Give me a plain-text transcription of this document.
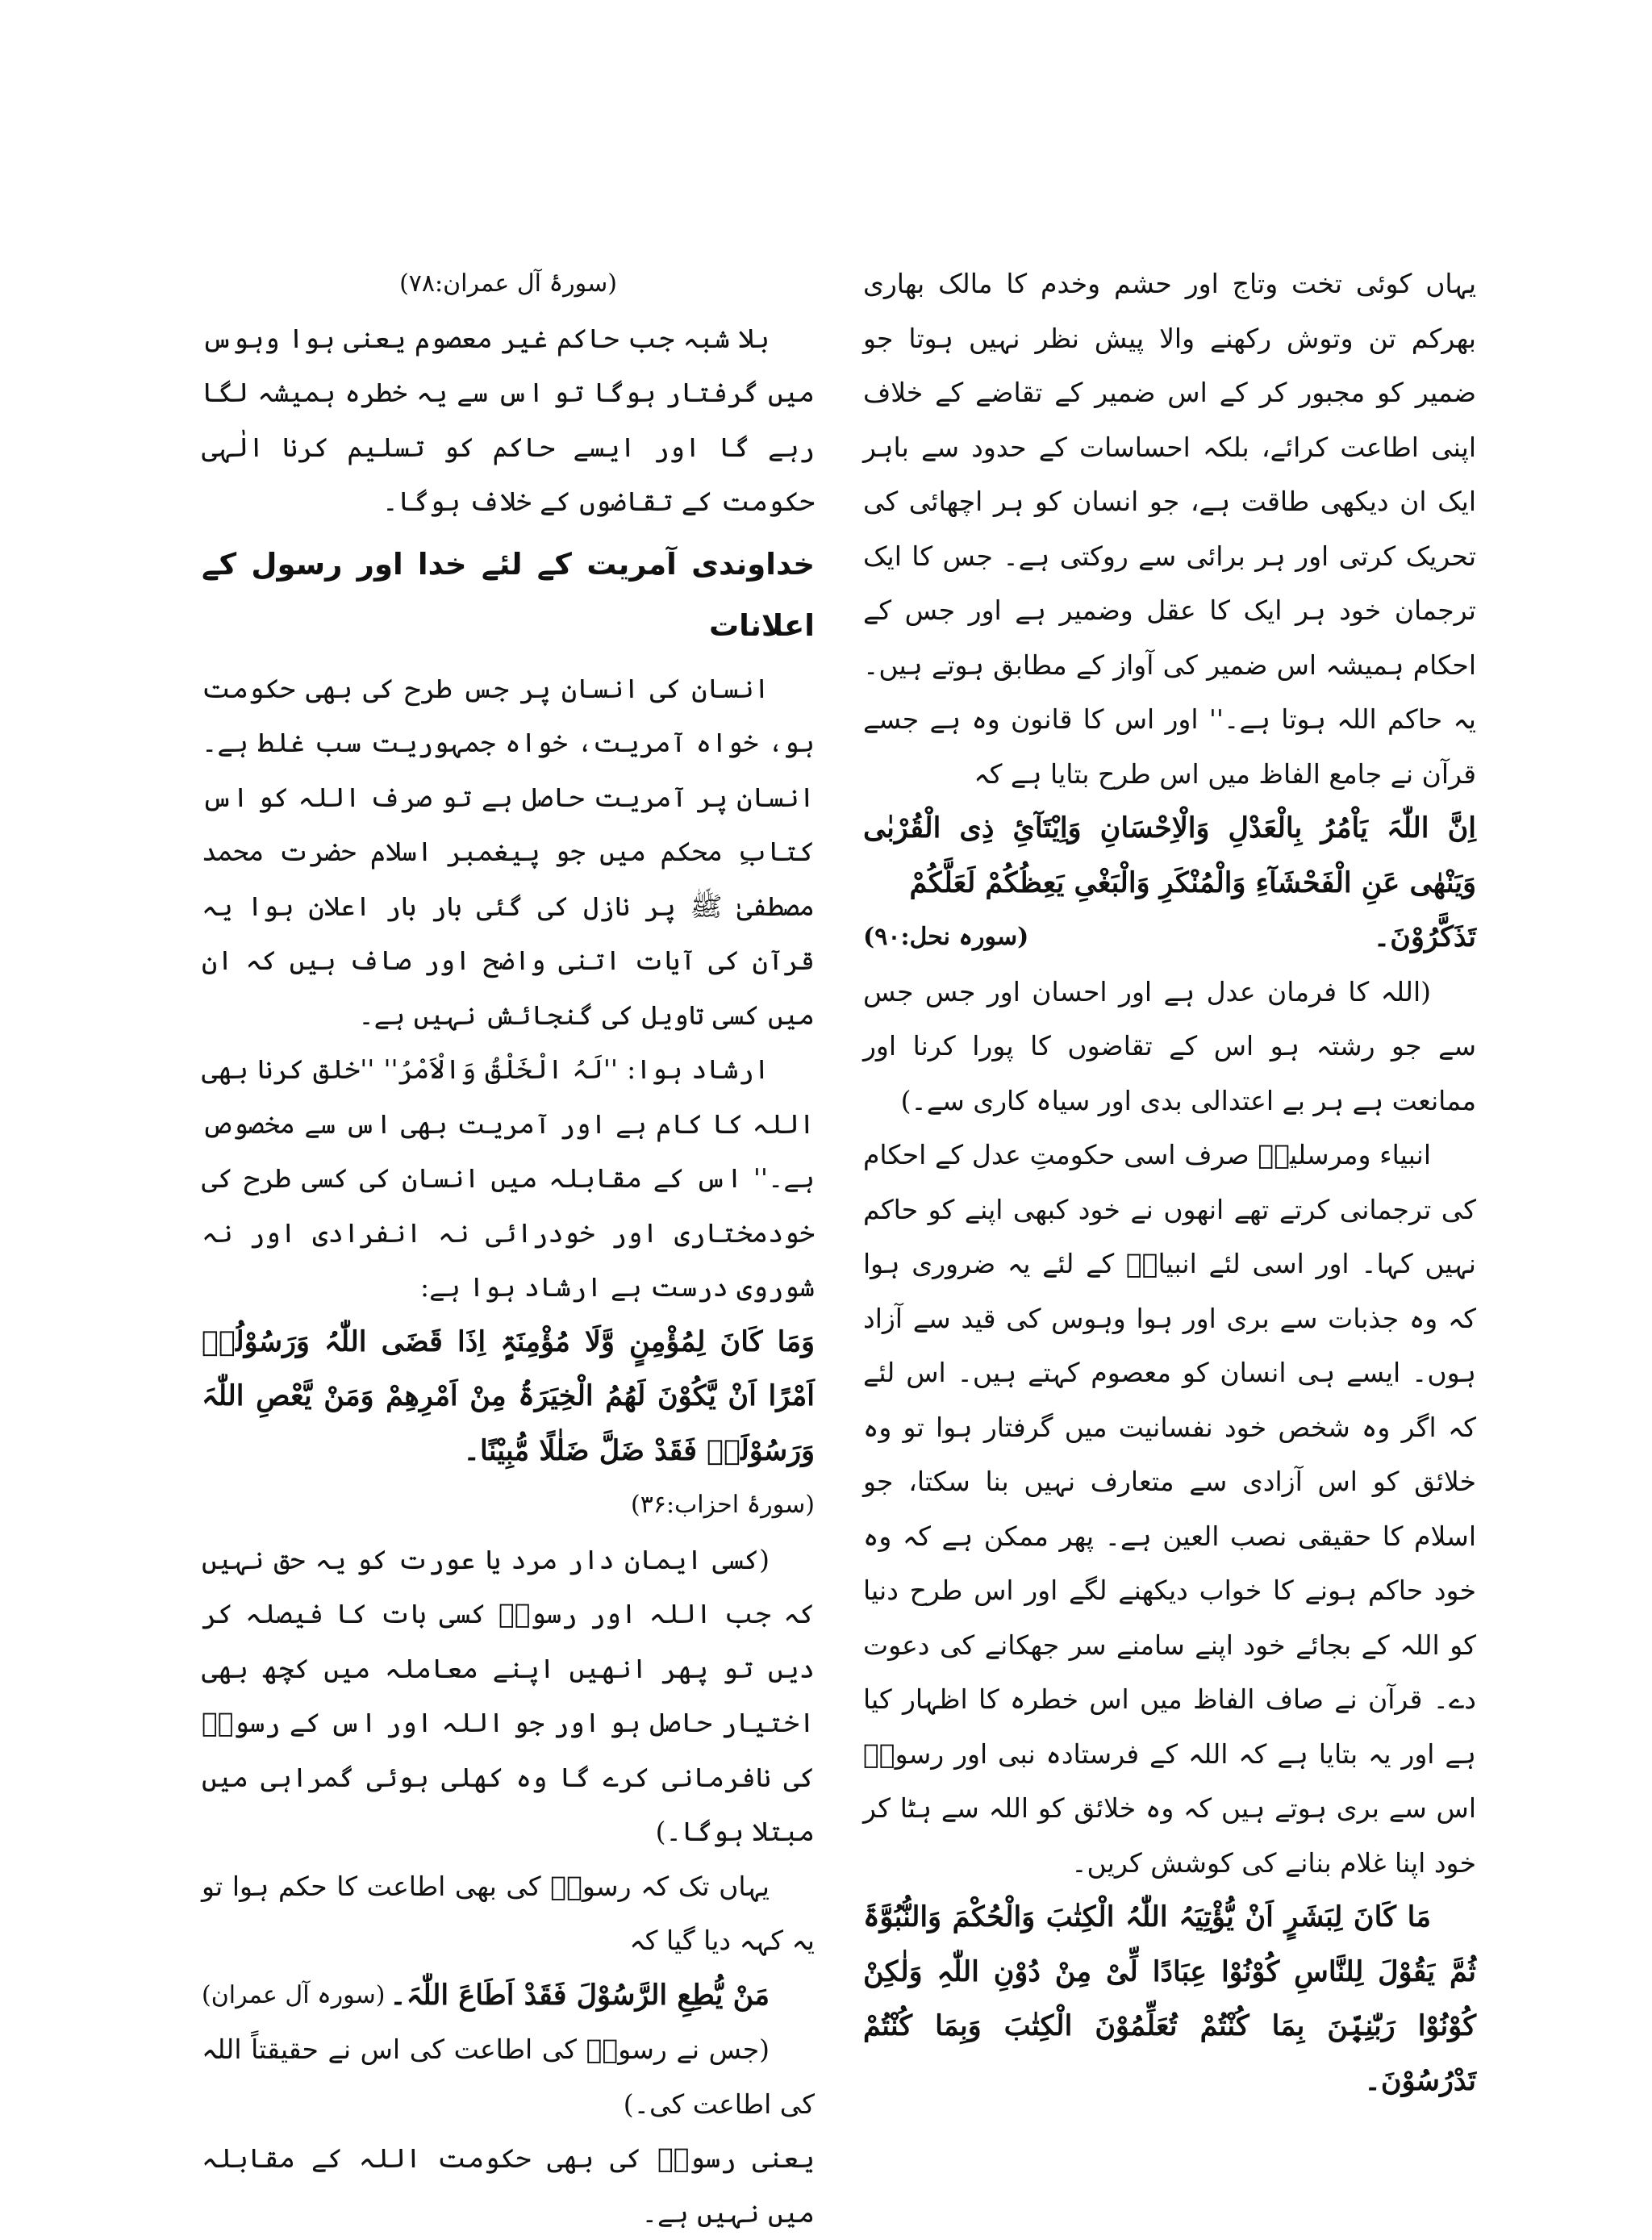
یہاں کوئی تخت وتاج اور حشم وخدم کا مالک بھاری بھرکم تن وتوش رکھنے والا پیش نظر نہیں ہوتا جو ضمیر کو مجبور کر کے اس ضمیر کے تقاضے کے خلاف اپنی اطاعت کرائے، بلکہ احساسات کے حدود سے باہر ایک ان دیکھی طاقت ہے، جو انسان کو ہر اچھائی کی تحریک کرتی اور ہر برائی سے روکتی ہے۔ جس کا ایک ترجمان خود ہر ایک کا عقل وضمیر ہے اور جس کے احکام ہمیشہ اس ضمیر کی آواز کے مطابق ہوتے ہیں۔ یہ حاکم اللہ ہوتا ہے۔'' اور اس کا قانون وہ ہے جسے قرآن نے جامع الفاظ میں اس طرح بتایا ہے کہ

اِنَّ اللّٰہَ یَاْمُرُ بِالْعَدْلِ وَالْاِحْسَانِ وَاِیْتَآیِٔ ذِی الْقُرْبٰی وَیَنْھٰی عَنِ الْفَحْشَآءِ وَالْمُنْکَرِ وَالْبَغْیِ یَعِظُکُمْ لَعَلَّکُمْ

تَذَکَّرُوْنَ۔
(سورہ نحل:۹۰)

(اللہ کا فرمان عدل ہے اور احسان اور جس جس سے جو رشتہ ہو اس کے تقاضوں کا پورا کرنا اور ممانعت ہے ہر بے اعتدالی بدی اور سیاہ کاری سے۔)

انبیاء ومرسلینؑ صرف اسی حکومتِ عدل کے احکام کی ترجمانی کرتے تھے انھوں نے خود کبھی اپنے کو حاکم نہیں کہا۔ اور اسی لئے انبیاءؑ کے لئے یہ ضروری ہوا کہ وہ جذبات سے بری اور ہوا وہوس کی قید سے آزاد ہوں۔ ایسے ہی انسان کو معصوم کہتے ہیں۔ اس لئے کہ اگر وہ شخص خود نفسانیت میں گرفتار ہوا تو وہ خلائق کو اس آزادی سے متعارف نہیں بنا سکتا، جو اسلام کا حقیقی نصب العین ہے۔ پھر ممکن ہے کہ وہ خود حاکم ہونے کا خواب دیکھنے لگے اور اس طرح دنیا کو اللہ کے بجائے خود اپنے سامنے سر جھکانے کی دعوت دے۔ قرآن نے صاف الفاظ میں اس خطرہ کا اظہار کیا ہے اور یہ بتایا ہے کہ اللہ کے فرستادہ نبی اور رسولؐ اس سے بری ہوتے ہیں کہ وہ خلائق کو اللہ سے ہٹا کر خود اپنا غلام بنانے کی کوشش کریں۔

مَا کَانَ لِبَشَرٍ اَنْ یُّؤْتِیَہُ اللّٰہُ الْکِتٰبَ وَالْحُکْمَ وَالنُّبُوَّۃَ ثُمَّ یَقُوْلَ لِلنَّاسِ کُوْنُوْا عِبَادًا لِّیْ مِنْ دُوْنِ اللّٰہِ وَلٰکِنْ کُوْنُوْا رَبّٰنِیّٖنَ بِمَا کُنْتُمْ تُعَلِّمُوْنَ الْکِتٰبَ وَبِمَا کُنْتُمْ تَدْرُسُوْنَ۔

(سورۂ آل عمران:۷۸)

بلا شبہ جب حاکم غیر معصوم یعنی ہوا وہوس میں گرفتار ہوگا تو اس سے یہ خطرہ ہمیشہ لگا رہے گا اور ایسے حاکم کو تسلیم کرنا الٰہی حکومت کے تقاضوں کے خلاف ہوگا۔

خداوندی آمریت کے لئے خدا اور رسول کے اعلانات

انسان کی انسان پر جس طرح کی بھی حکومت ہو، خواہ آمریت، خواہ جمہوریت سب غلط ہے۔ انسان پر آمریت حاصل ہے تو صرف اللہ کو اس کتابِ محکم میں جو پیغمبر اسلام حضرت محمد مصطفیٰ ﷺ پر نازل کی گئی بار بار اعلان ہوا یہ قرآن کی آیات اتنی واضح اور صاف ہیں کہ ان میں کسی تاویل کی گنجائش نہیں ہے۔

ارشاد ہوا: ''لَہُ الْخَلْقُ وَالْاَمْرُ'' ''خلق کرنا بھی اللہ کا کام ہے اور آمریت بھی اس سے مخصوص ہے۔'' اس کے مقابلہ میں انسان کی کسی طرح کی خودمختاری اور خودرائی نہ انفرادی اور نہ شوروی درست ہے ارشاد ہوا ہے:

وَمَا کَانَ لِمُؤْمِنٍ وَّلَا مُؤْمِنَۃٍ اِذَا قَضَی اللّٰہُ وَرَسُوْلُہٗ اَمْرًا اَنْ یَّکُوْنَ لَھُمُ الْخِیَرَۃُ مِنْ اَمْرِھِمْ وَمَنْ یَّعْصِ اللّٰہَ وَرَسُوْلَہٗ فَقَدْ ضَلَّ ضَلٰلًا مُّبِیْنًا۔

(سورۂ احزاب:۳۶)

(کسی ایمان دار مرد یا عورت کو یہ حق نہیں کہ جب اللہ اور رسولؐ کسی بات کا فیصلہ کر دیں تو پھر انھیں اپنے معاملہ میں کچھ بھی اختیار حاصل ہو اور جو اللہ اور اس کے رسولؐ کی نافرمانی کرے گا وہ کھلی ہوئی گمراہی میں مبتلا ہوگا۔)

یہاں تک کہ رسولؐ کی بھی اطاعت کا حکم ہوا تو یہ کہہ دیا گیا کہ

مَنْ یُّطِعِ الرَّسُوْلَ فَقَدْ اَطَاعَ اللّٰہَ۔
(سورہ آل عمران)

(جس نے رسولؐ کی اطاعت کی اس نے حقیقتاً اللہ کی اطاعت کی۔)

یعنی رسولؐ کی بھی حکومت اللہ کے مقابلہ میں نہیں ہے۔
